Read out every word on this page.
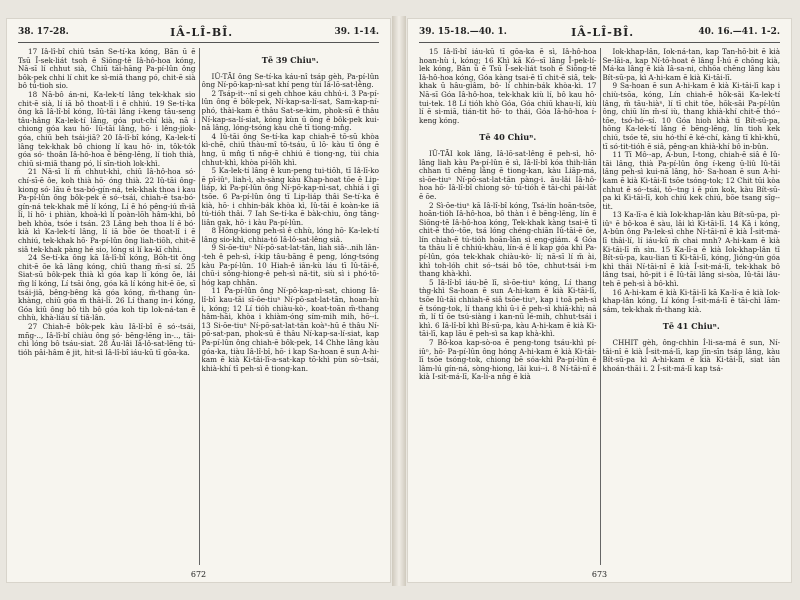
38. 17-28.	IÂ-LÎ-BÎ.	39. 1-14.

17 Iâ-lî-bî chiū tsān Se-tí-ka kóng, Bān ū ē Tsū Î-sek-liát tsoh ē Siōng-tē Iâ-hô-hoa kóng, Nā-sī lí chhut sià, Chiū tāi-hāng Pa-pí-lûn ông bôk-pek chhi lí chit ke sì-miā thang pó, chit-ē sià bô tú-tioh sio.

18 Nā-bô án-ni, Ka-lek-tí lâng tek-khak sio chit-ē sià, lí iā bô thoat-lî i ē chhiú. 19 Se-tí-ka ông kā Iâ-lî-bî kóng, Iû-tāi lâng í-keng tāu-seng tâu-hâng Ka-lek-tí lâng, góa put-chí kià, nā i chiong góa kau hō· Iû-tāi lâng, hō· i lêng-jiok-góa, chiū beh tsái-jiā? 20 Iâ-lî-bî kóng, Ka-lek-tí lâng tek-khak bô chiong lí kau hō· in, tôk-tók góa só· thoân Iâ-hô-hoa ē bēng-lēng, lí tioh thià, chiū si-miā thang pó, lí sīn-tioh lok-khì.

21 Nā-sī lí m̄ chhut-khì, chiū Iâ-hô-hoa só· chí-sī-ē ôe, koh thià hō· óng thià. 22 Iû-tāi ông-kiong só· lāu ē tsa-bó-gín-ná, tek-khak thoa i kau Pa-pí-lûn ông bôk-pek ē só·-tsái, chiah-ē tsa-bó-gín-ná tek-khak mē lí kóng, Lí ē hó pêng-iú m̄-iā lí, lí hō· i phiàn, khoà-kì lí poàn-lōh hâm-khi, bô beh khòa, tsóe i tsán. 23 Lâng beh thoa lí ē bó· kià kì Ka-lek-tí lâng, lí iā bōe ōe thoat-lî i ē chhiú, tek-khak hō· Pa-pí-lûn ông liah-tiōh, chit-ē siâ tek-khak pàng hé sio, lóng si lí ka-kī chhi.

24 Se-tí-ka ông kā Iâ-lî-bî kóng, Bōh-tit ōng chit-ē ōe kā lâng kóng, chiū thang m̄-sí sí. 25 Siat-sū bôk-pek thià kì góa kap lí kóng ōe, lâi m̄g lí kóng, Lí tsāi ông, góa kā lí kóng hit-ē ōe, sī tsái-jiā, bêng-bêng kā góa kóng, m̄-thang ûn-khàng, chiū góa m̄ thāi-lí. 26 Lí thang in-i kóng, Góa kiû ông bô tih bô góa koh tip lok-ná-tan ē chhù, khà-liáu sí tiâ-lân.

27 Chiah-ē bôk-pek kàu Iâ-lî-bî ē só·-tsái, mñg-.., Iâ-lî-bî chiàu ông só· bēng-lēng ìn-.., tāi-chì lóng bô tsáu-siat. 28 Âu-lâi Iâ-lô-sat-lēng tú-tióh pâi-hâm ê jit, hit-sì Iâ-lî-bî iáu-kū tī gōa-ka.

Tē 39 Chiuⁿ.

IÛ-TĀI ông Se-tí-ka káu-nî tsáp gèh, Pa-pí-lûn ông Ní-pō·kap-nì-sat khí peng tùi Iâ-lō·sat-lêng.

2 Tsáp-it-·-nî si geh chhoe káu chhú-i. 3 Pa-pí-lûn ông ē bôk-pek, Ní-kap-sa-lí-sat, Sam-kap-ní-phó, thài-kam ē thâu Sat-se-kim, phok-sū ē thâu Ní-kap-sa-lí-siat, kóng kùn ū ōng ē bôk-pek kui-nā lâng, lóng-tsóng kàu chē tī tiong-mn̂g.

4 Iû-tāi ông Se-tí-ka kap chiah-ē tō-sū khòa kì-chē, chiū thàu-mî tō-tsáu, ū lō· kàu tī ông ē hng, ū mn̂g tī nn̄g-ē chhiú ē tiong-ng, tùi chia chhut-khì, khòa pí-lōh khì.

5 Ka-lek-tí lâng ê kun-peng tui-tiōh, tī Iâ-lī-ko ē pî-iûⁿ, liah-ì, ah-sàng kàu Khap-hoat tōe ē Lip-liáp, kì Pa-pí-lûn ông Ní-pō·kap-nì-sat, chhiá i gī tsōe. 6 Pa-pí-lûn ông tī Lip-liáp thâi Se-tí-ka ê kià, hō· i chhin-bák khòa kì, Iû-tāi ē koàn-ke iā tú-tióh thâi. 7 Iah Se-tí-ka ē bàk-chiu, ōng tāng-liân gak, hō· i kàu Pa-pí-lûn.

8 Hōng-kiong peh-sì ê chhù, lóng hō· Ka-lek-tí lâng sio-khì, chhia-tó Iâ-lô·sat-lêng siâ.

9 Si-ōe-tiuⁿ Ní-pō·sat-lat-tān, liah siâ-..nih lân--teh ê peh-sì, í-kip tâu-bāng ê peng, lóng-tsóng kàu Pa-pí-lûn. 10 Hiah-ê iân-kù láu tī Iû-tāi-ê, chū-i sông-hiong-ê peh-sì nā-tit, siù sì i phó·tō-hóg kap chhân.

11 Pa-pí-lûn ông Ní-pō·kap-nì-sat, chiong Iâ-lî-bî kau-tāi sī-ōe-tiuⁿ Ní-pō·sat-lat-tān, hoan-hù i, kóng; 12 Lí tióh chiàu-kò·, koat-toān m̄-thang hâm-hāi, khòa i khiàm-óng sím-mih mih, hō·-i. 13 Si-ōe-tiuⁿ Ní-pō·sat-lat-tān koàⁿ-hū ē thâu Ní-pō·sat-pan, phok-sū ē thâu Ní-kap-sa-lí-siat, kap Pa-pí-lûn ông chiah-ē bôk-pek, 14 Chhe lâng kàu góa-ka, tiàu Iâ-lî-bî, hō· i kap Sa-hoan ē sun A-hi-kam ē kià Ki-tāi-lī-a-sat-kap tō-khì pùn sò·-tsái, khià-khí tī peh-sì ē tiong-kan.

672
39. 15-18.—40. 1.	IÂ-LÎ-BÎ.	40. 16.—41. 1-2.

15 Iâ-lî-bî iáu-kū tī gōa-ka ē sì, Iâ-hô-hoa hoan-hù i, kóng; 16 Khì kā Kó·-sī lâng Î-pek-lí-lek kóng, Bān ū ē Tsū Î-sek-liát tsoh ē Siōng-tē Iâ-hô-hoa kóng, Góa kàng tsai-ē tī chit-ē siâ, tek-khak ū hâu-giâm, bô· lí chhin-bák khòa-kì. 17 Nā-sī Góa Iâ-hô-hoa, tek-khak kiù lí, bô kau hō· tui-tek. 18 Lí tióh khò Góa, Góa chiū khau-lí, kiù lí ē si-miā, tián-tit hō· to thái, Góa Iâ-hô-hoa í-keng kóng.

Tē 40 Chiuⁿ.

IÛ-TĀI kok lâng, Iâ-lō·sat-lêng ē peh-sì, hō· lâng liah kàu Pa-pí-lûn ē sì, Iâ-lî-bî kóa thih-liān chhan tī chēng lâng ē tiong-kan, kàu Liāp-má, sì-ōe-tiuⁿ Ní-pō·sat-lat-tān pàng-i. āu-lâi Iâ-hô-hoa hō· Iâ-lî-bî chiong sò· tú-tióh ē tāi-chì pái-lāt ē ōe.

2 Sì-ōe-tiuⁿ kā Iâ-lî-bî kóng, Tsá-lín hoān-tsōe, hoān-tióh Iâ-hô-hoa, bô thàn i ē bēng-lēng, lín ē Siōng-tē Iâ-hô-hoa kóng, Tek-khak kàng tsai-ē tī chit-ē thó·-tōe, tsá lóng chéng-chiān Iû-tāi-ē ōe, lín chiah-ē tú-tióh hoān-lān sì eng-giám. 4 Góa ta thāu lí ē chhiú-khàu, lín-á ē lí kap góa khì Pa-pí-lûn, góa tek-khak chiàu-kò· lí; nā-sī lí m̄ ài, khì toh-lóh chit só·-tsái bô tōe, chhut-tsái i-m thang khà-khì.

5 Iâ-lî-bî iáu-bē lī, sì-ōe-tiuⁿ kóng, Lí thang tǹg-khì Sa-hoan ē sun A-hi-kam ē kià Ki-tāi-lī, tsōe Iû-tāi chhiah-ē siâ tsōe-tiuⁿ, kap i toā peh-sì ē tsóng-tok, lí thang khì ū-i ē peh-sì khiā-khì; nā m̄, lí tī ōe tsú-siàng i kan-nū lé-mih, chhut-tsái i khì. 6 Iâ-lî-bî khì Bí-sū-pa, kàu A-hi-kam ē kià Ki-tāi-lī, kap lāu ē peh-sì sa kap khà-khì.

7 Bô-koa kap-sò-oa ē peng-tong tsáu-khì pí-iûⁿ, hō· Pa-pí-lûn ông hóng A-hi-kam ē kià Ki-tāi-lī tsōe tsóng-tok, chiong bē sóa-khì Pa-pí-lûn ē lâm-lú gín-ná, sòng-hiong, lāi kui--i. 8 Ní-tāi-nî ē kià I-sit-má-lī, Ka-lí-a nn̄g ē kià

Iok-khap-lân, Iok-ná-tan, kap Tan-hō·bit ē kià Se-lāi-a, kap Ní-tō-hoat ē lâng Í-hú ē chōng kià, Má-ka lâng ē kià Iâ-sa-ni, chhōa chēng lâng kàu Bít-sū-pa, kì A-hi-kam ē kià Ki-tāi-lī.

9 Sa-hoan ē sun A-hi-kam ē kià Ki-tāi-lī kap i chiù-tsōa, kóng, Lín chiah-ē hōk-sāi Ka-lek-tí lâng, m̄ tāu-hiàⁿ, lí tī chit tōe, hōk-sāi Pa-pí-lûn ông, chiū lín m̄-sí iù, thang khià-khí chit-ē thó·-tōe, tsó-hó·-sí. 10 Góa hioh khà tī Bít-sū-pa, hōng Ka-lek-tí lâng ē bēng-lēng, lín tioh kek chiú, tsóe tē, siu hó-thí ē ké-chí, kàng tī khì-khū, tī só·tit-tióh ē siâ, pêng-an khià-khí bô in-bûn.

11 Tī Mô·-ap, A-bun, I-tong, chiah-ē siâ ê Iû-tāi lâng, thià Pa-pí-lûn ông í-keng ū-liû Iû-tāi lâng peh-sì kui-nā lâng, hō· Sa-hoan ē sun A-hi-kam ē kià Ki-tāi-lī tsōe tsóng-tok; 12 Chit tūi kòa chhut ē só·-tsái, tō--tng i ē pún kok, kàu Bít-sū-pa kì Ki-tāi-lī, koh chiú kek chiú, bōe tsang sîg--tit.

13 Ka-lī-a ē kià Iok-khap-lân kàu Bít-sū-pa, pì-iûⁿ ē bô-koa ê sàu, lâi kì Ki-tāi-lī. 14 Kā i kóng, A-bûn ông Pa-lek-sì chhe Ní-tāi-nî ē kià Í-sit-má-lī thâi-lí, lí iáu-kū m̄ chai mnh? A-hi-kam ē kià Ki-tāi-lī m̄ sìn. 15 Ka-lī-a ē kià Iok-khap-lân tī Bít-sū-pa, kau-lian tī Ki-tāi-lī, kóng, Jióng-ún góa khì thâi Ní-tāi-nî ē kià Í-sit-má-lī, tek-khak bô lâng tsai, hô-pit i ē Iû-tāi lâng si-sòa, Iû-tāi lâu-teh ē peh-sì à bô-khì.

16 A-hi-kam ē kià Ki-tāi-lī kā Ka-lí-a ē kià Iok-khap-lân kóng, Lí kóng Í-sit-má-lī ē tāi-chì lām-sám, tek-khak m̄-thang kià.

Tē 41 Chiuⁿ.

CHHIT gèh, ông-chhin Í-li-sa-má ē sun, Ní-tāi-nî ē kià Í-sit-má-lī, kap jīn-sīn tsáp lâng, kàu Bít-sū-pa kì A-hi-kam ē kià Ki-tāi-lī, siat iān khoán-thāi i. 2 Í-sit-má-lī kap tsá-

673
